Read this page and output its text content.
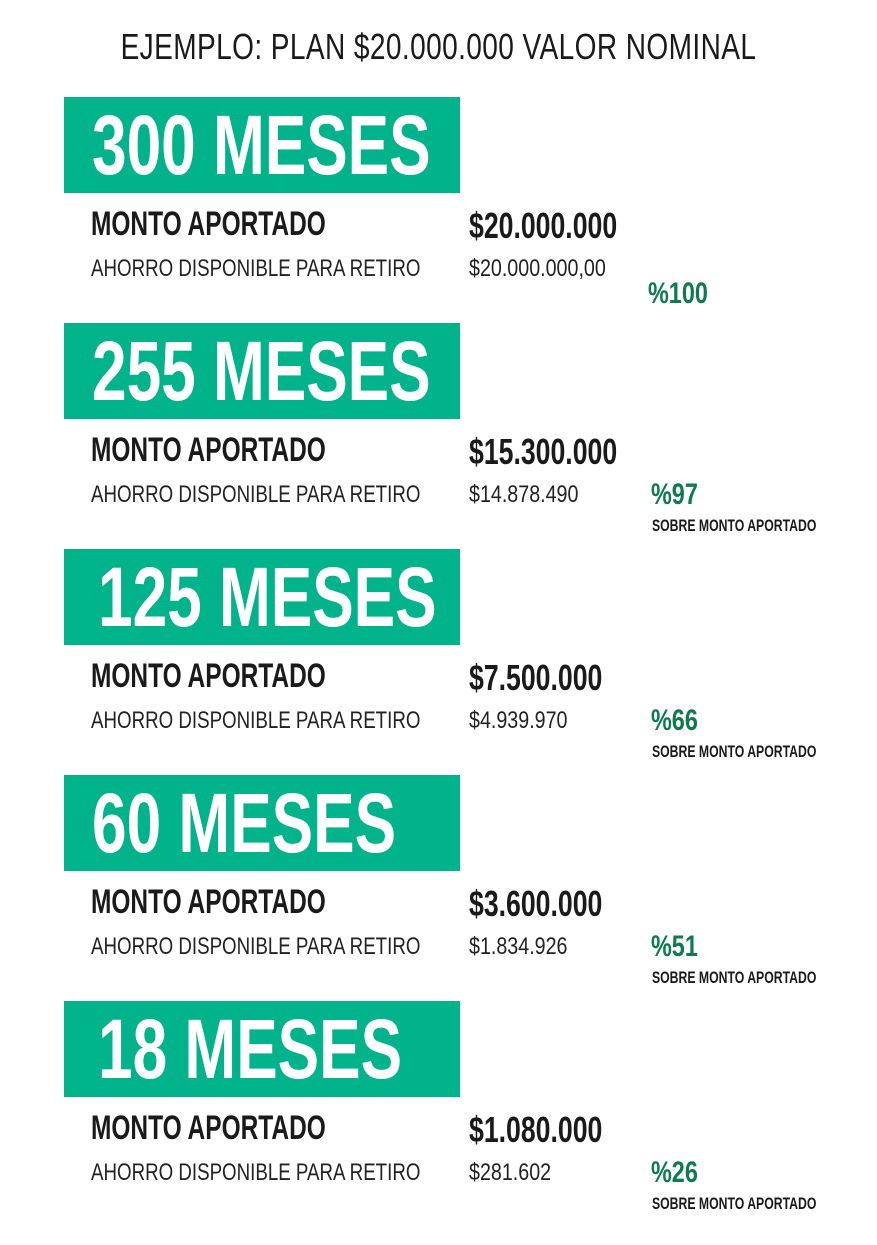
EJEMPLO: PLAN $20.000.000 VALOR NOMINAL
300 MESES
MONTO APORTADO	$20.000.000
AHORRO DISPONIBLE PARA RETIRO $20.000.000,00
%100
255 MESES
MONTO APORTADO	$15.300.000
AHORRO DISPONIBLE PARA RETIRO $14.878.490 %97
SOBRE MONTO APORTADO
125 MESES
MONTO APORTADO	$7.500.000
AHORRO DISPONIBLE PARA RETIRO $4.939.970	%66
SOBRE MONTO APORTADO
60 MESES
MONTO APORTADO	$3.600.000
AHORRO DISPONIBLE PARA RETIRO $1.834.926	%51
SOBRE MONTO APORTADO
18 MESES
MONTO APORTADO	$1.080.000
AHORRO DISPONIBLE PARA RETIRO $281.602	%26
SOBRE MONTO APORTADO
